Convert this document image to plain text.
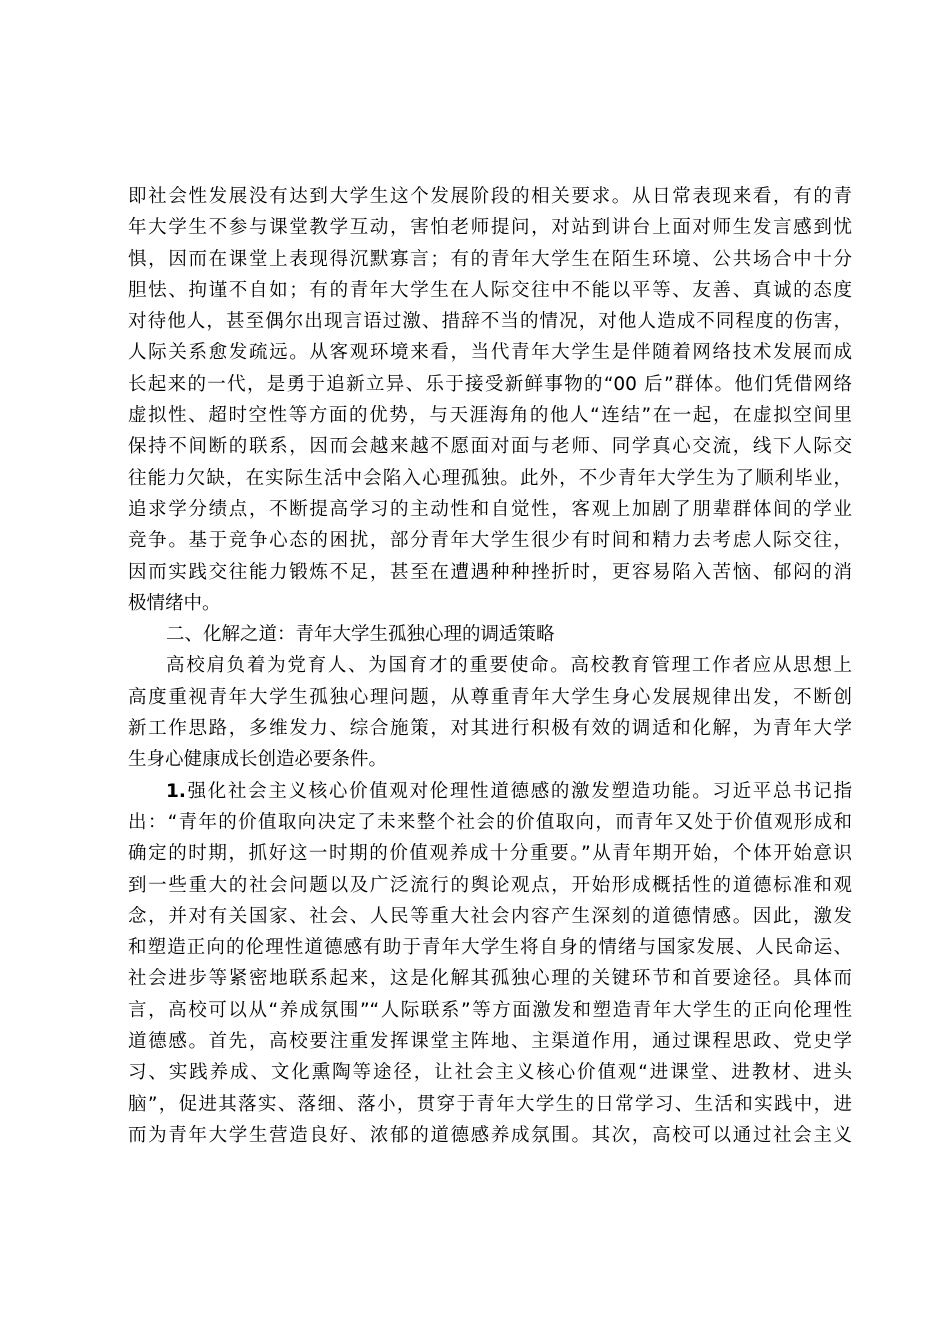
即社会性发展没有达到大学生这个发展阶段的相关要求。从日常表现来看，有的青
年大学生不参与课堂教学互动，害怕老师提问，对站到讲台上面对师生发言感到忧
惧，因而在课堂上表现得沉默寡言；有的青年大学生在陌生环境、公共场合中十分
胆怯、拘谨不自如；有的青年大学生在人际交往中不能以平等、友善、真诚的态度
对待他人，甚至偶尔出现言语过激、措辞不当的情况，对他人造成不同程度的伤害，
人际关系愈发疏远。从客观环境来看，当代青年大学生是伴随着网络技术发展而成
长起来的一代，是勇于追新立异、乐于接受新鲜事物的“00 后”群体。他们凭借网络
虚拟性、超时空性等方面的优势，与天涯海角的他人“连结”在一起，在虚拟空间里
保持不间断的联系，因而会越来越不愿面对面与老师、同学真心交流，线下人际交
往能力欠缺，在实际生活中会陷入心理孤独。此外，不少青年大学生为了顺利毕业，
追求学分绩点，不断提高学习的主动性和自觉性，客观上加剧了朋辈群体间的学业
竞争。基于竞争心态的困扰，部分青年大学生很少有时间和精力去考虑人际交往，
因而实践交往能力锻炼不足，甚至在遭遇种种挫折时，更容易陷入苦恼、郁闷的消
极情绪中。
二、化解之道：青年大学生孤独心理的调适策略
高校肩负着为党育人、为国育才的重要使命。高校教育管理工作者应从思想上
高度重视青年大学生孤独心理问题，从尊重青年大学生身心发展规律出发，不断创
新工作思路，多维发力、综合施策，对其进行积极有效的调适和化解，为青年大学
生身心健康成长创造必要条件。
1.强化社会主义核心价值观对伦理性道德感的激发塑造功能。习近平总书记指
出：“青年的价值取向决定了未来整个社会的价值取向，而青年又处于价值观形成和
确定的时期，抓好这一时期的价值观养成十分重要。”从青年期开始，个体开始意识
到一些重大的社会问题以及广泛流行的舆论观点，开始形成概括性的道德标准和观
念，并对有关国家、社会、人民等重大社会内容产生深刻的道德情感。因此，激发
和塑造正向的伦理性道德感有助于青年大学生将自身的情绪与国家发展、人民命运、
社会进步等紧密地联系起来，这是化解其孤独心理的关键环节和首要途径。具体而
言，高校可以从“养成氛围”“人际联系”等方面激发和塑造青年大学生的正向伦理性
道德感。首先，高校要注重发挥课堂主阵地、主渠道作用，通过课程思政、党史学
习、实践养成、文化熏陶等途径，让社会主义核心价值观“进课堂、进教材、进头
脑”，促进其落实、落细、落小，贯穿于青年大学生的日常学习、生活和实践中，进
而为青年大学生营造良好、浓郁的道德感养成氛围。其次，高校可以通过社会主义
